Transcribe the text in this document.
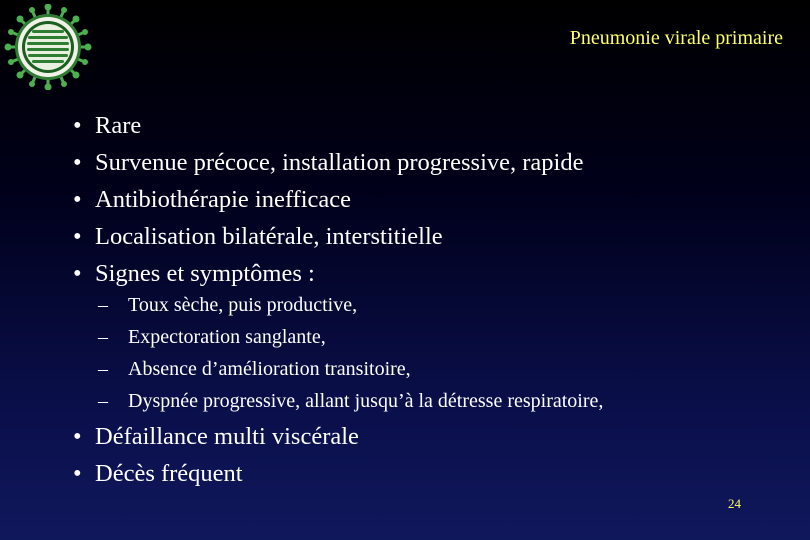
Pneumonie virale primaire
• Rare
• Survenue précoce, installation progressive, rapide
• Antibiothérapie inefficace
• Localisation bilatérale, interstitielle
• Signes et symptômes :
– Toux sèche, puis productive,
– Expectoration sanglante,
– Absence d’amélioration transitoire,
– Dyspnée progressive, allant jusqu’à la détresse respiratoire,
• Défaillance multi viscérale
• Décès fréquent
24
